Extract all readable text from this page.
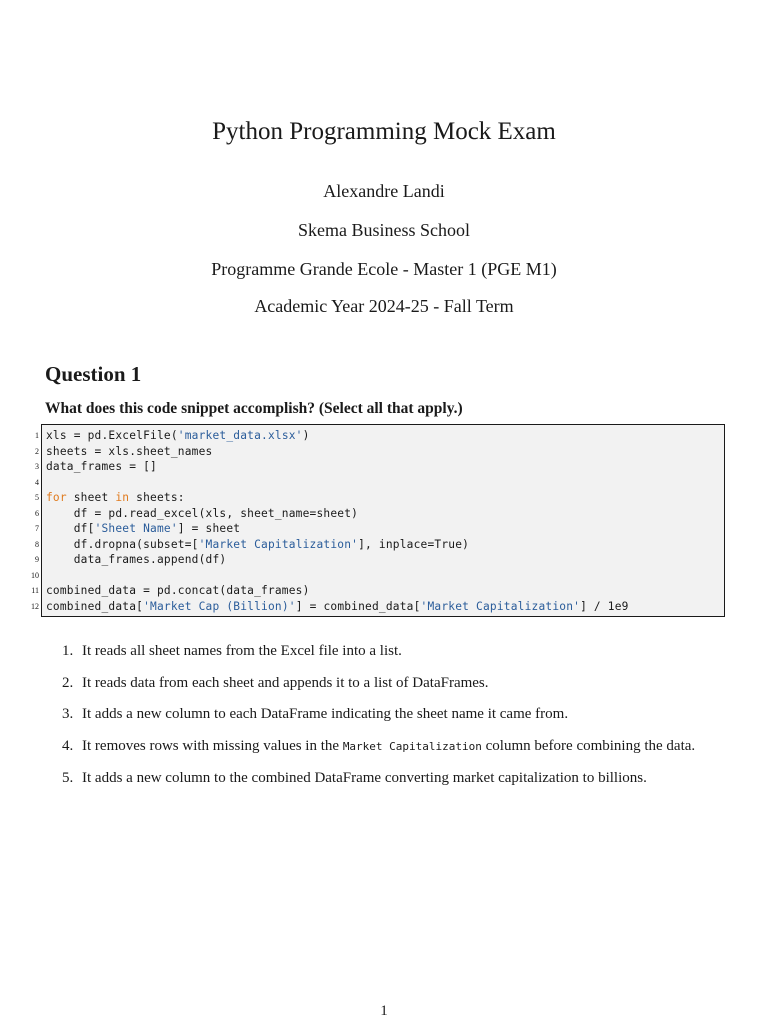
Python Programming Mock Exam
Alexandre Landi
Skema Business School
Programme Grande Ecole - Master 1 (PGE M1)
Academic Year 2024-25 - Fall Term
Question 1
What does this code snippet accomplish? (Select all that apply.)
1 xls = pd.ExcelFile('market_data.xlsx')
2 sheets = xls.sheet_names
3 data_frames = []
4
5 for sheet in sheets:
6 df = pd.read_excel(xls, sheet_name=sheet)
7 df['Sheet Name'] = sheet
8 df.dropna(subset=['Market Capitalization'], inplace=True)
9 data_frames.append(df)
10
11 combined_data = pd.concat(data_frames)
12 combined_data['Market Cap (Billion)'] = combined_data['Market Capitalization'] / 1e9
1. It reads all sheet names from the Excel file into a list.
2. It reads data from each sheet and appends it to a list of DataFrames.
3. It adds a new column to each DataFrame indicating the sheet name it came from.
4. It removes rows with missing values in the Market Capitalization column before combining the data.
5. It adds a new column to the combined DataFrame converting market capitalization to billions.
1
